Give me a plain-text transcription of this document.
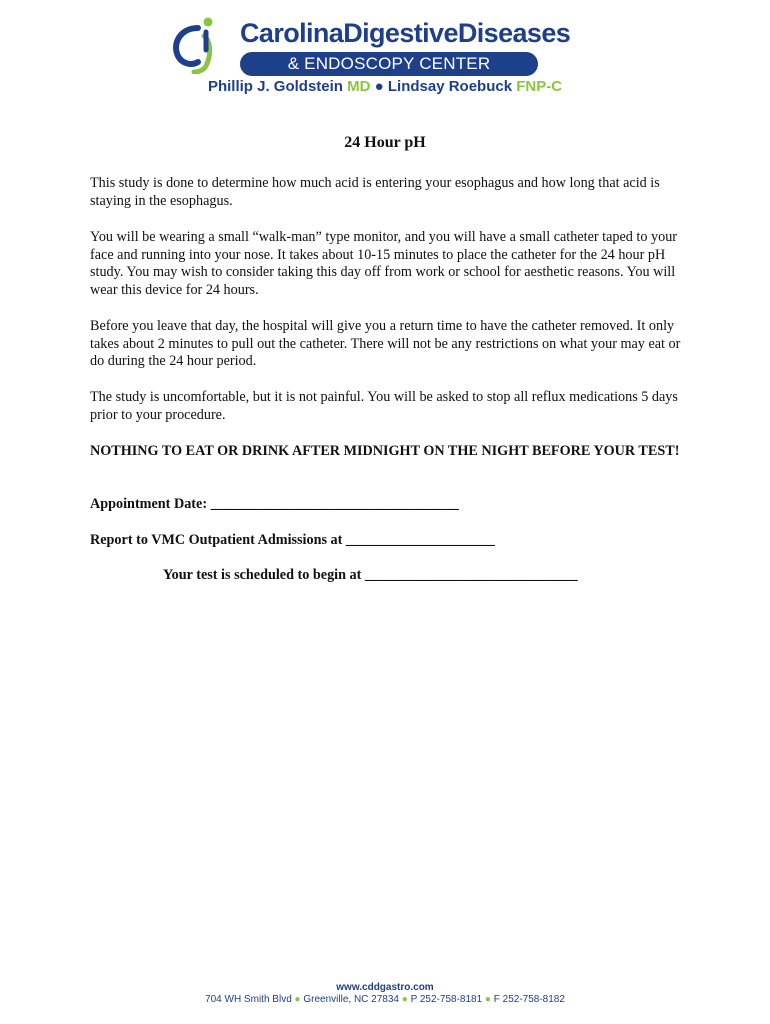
CarolinaDigestiveDiseases
& ENDOSCOPY CENTER
Phillip J. Goldstein MD ● Lindsay Roebuck FNP-C
24 Hour pH
This study is done to determine how much acid is entering your esophagus and how long that acid is staying in the esophagus.
You will be wearing a small “walk-man” type monitor, and you will have a small catheter taped to your face and running into your nose. It takes about 10-15 minutes to place the catheter for the 24 hour pH study. You may wish to consider taking this day off from work or school for aesthetic reasons. You will wear this device for 24 hours.
Before you leave that day, the hospital will give you a return time to have the catheter removed. It only takes about 2 minutes to pull out the catheter. There will not be any restrictions on what your may eat or do during the 24 hour period.
The study is uncomfortable, but it is not painful. You will be asked to stop all reflux medications 5 days prior to your procedure.
NOTHING TO EAT OR DRINK AFTER MIDNIGHT ON THE NIGHT BEFORE YOUR TEST!
Appointment Date: ___________________________________
Report to VMC Outpatient Admissions at _____________________
Your test is scheduled to begin at ______________________________
www.cddgastro.com
704 WH Smith Blvd ● Greenville, NC 27834 ● P 252-758-8181 ● F 252-758-8182
